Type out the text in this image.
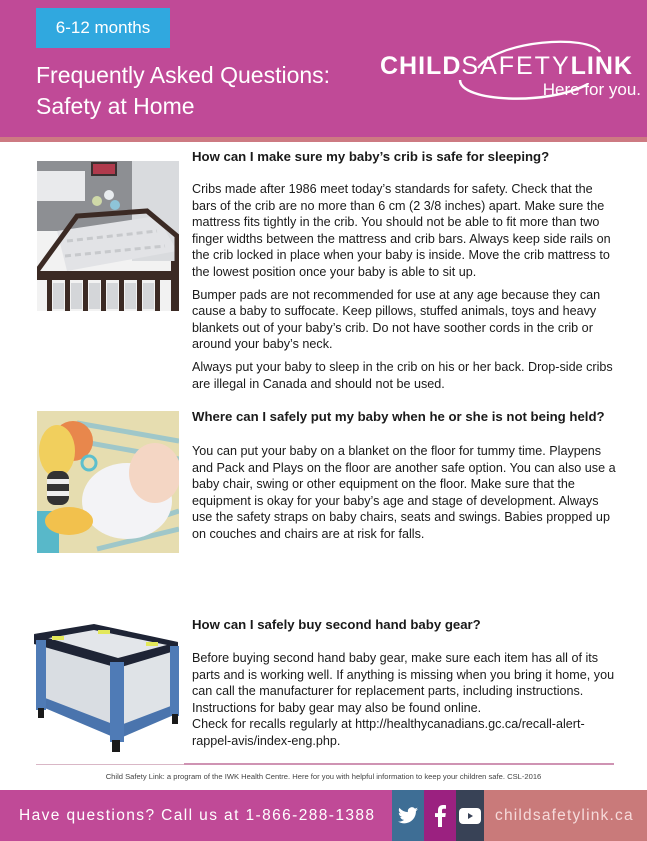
6-12 months
Frequently Asked Questions:
Safety at Home
CHILDSAFETYLINK
Here for you.
How can I make sure my baby’s crib is safe for sleeping?

Cribs made after 1986 meet today’s standards for safety. Check that the bars of the crib are no more than 6 cm (2 3/8 inches) apart. Make sure the mattress fits tightly in the crib. You should not be able to fit more than two finger widths between the mattress and crib bars. Always keep side rails on the crib locked in place when your baby is inside. Move the crib mattress to the lowest position once your baby is able to sit up.

Bumper pads are not recommended for use at any age because they can cause a baby to suffocate. Keep pillows, stuffed animals, toys and heavy blankets out of your baby’s crib. Do not have soother cords in the crib or around your baby’s neck.

Always put your baby to sleep in the crib on his or her back. Drop-side cribs are illegal in Canada and should not be used.

Where can I safely put my baby when he or she is not being held?

You can put your baby on a blanket on the floor for tummy time. Playpens and Pack and Plays on the floor are another safe option. You can also use a baby chair, swing or other equipment on the floor. Make sure that the equipment is okay for your baby’s age and stage of development. Always use the safety straps on baby chairs, seats and swings. Babies propped up on couches and chairs are at risk for falls.

How can I safely buy second hand baby gear?

Before buying second hand baby gear, make sure each item has all of its parts and is working well. If anything is missing when you bring it home, you can call the manufacturer for replacement parts, including instructions. Instructions for baby gear may also be found online.

Check for recalls regularly at http://healthycanadians.gc.ca/recall-alert-rappel-avis/index-eng.php.

Child Safety Link: a program of the IWK Health Centre. Here for you with helpful information to keep your children safe. CSL-2016
Have questions? Call us at 1-866-288-1388	childsafetylink.ca
